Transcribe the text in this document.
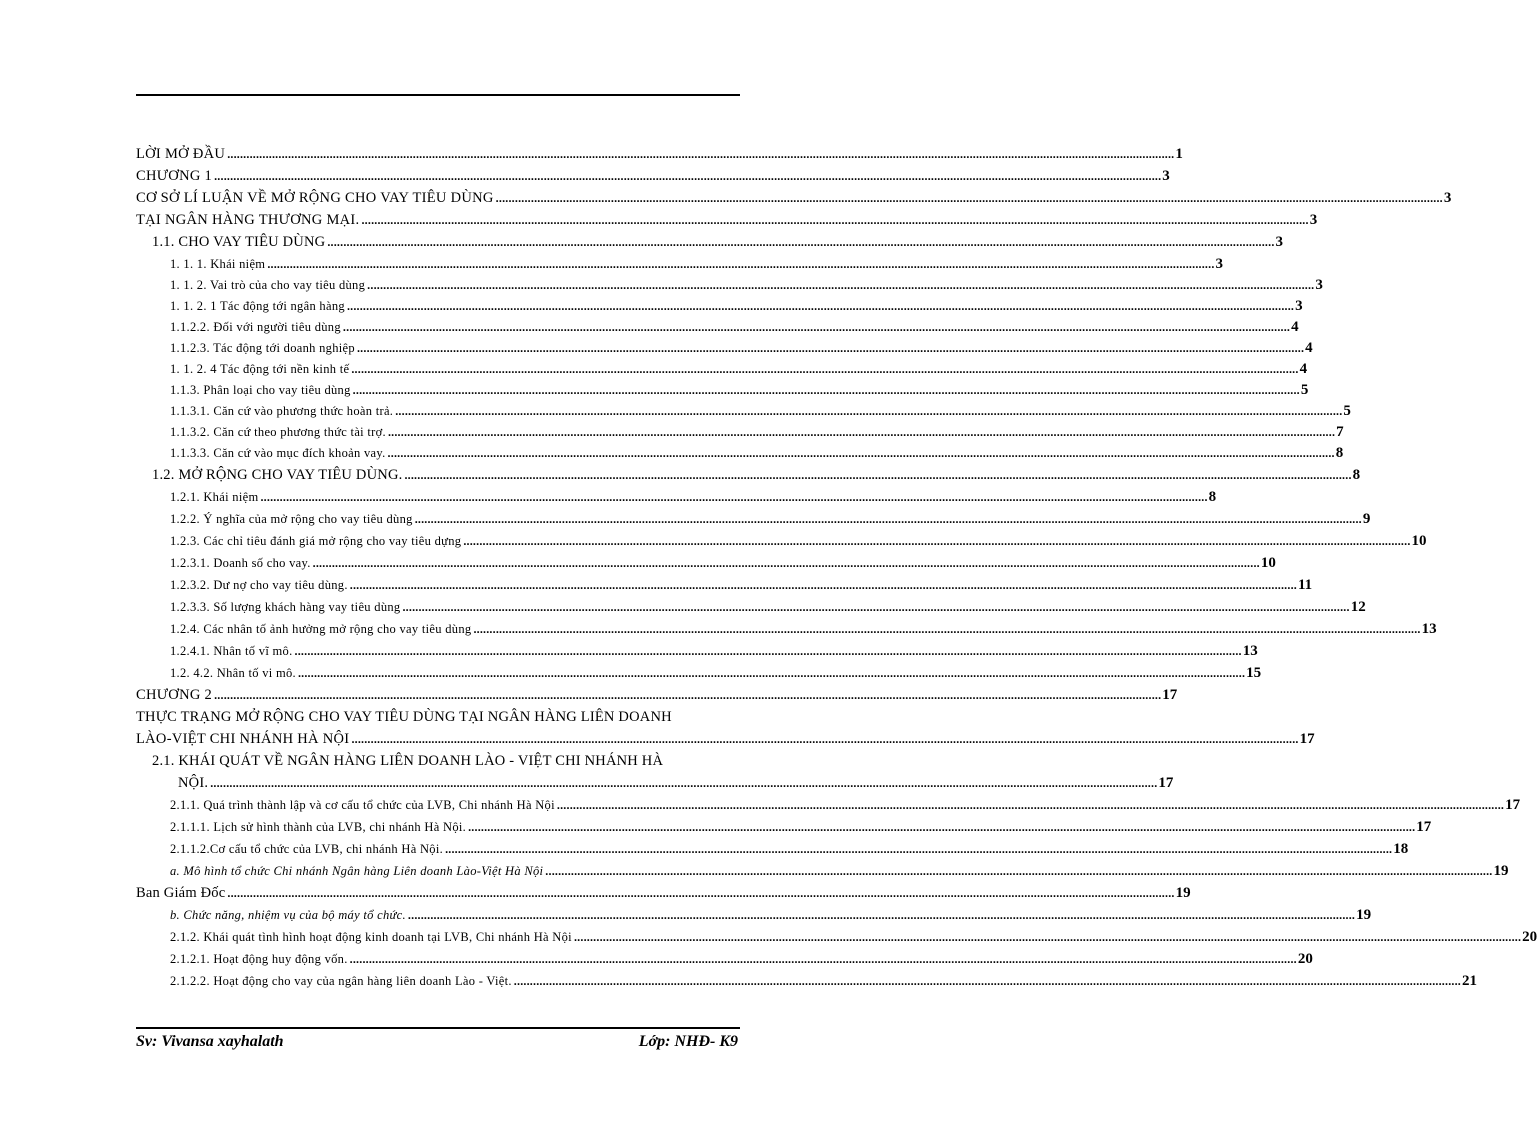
LỜI MỞ ĐẦU .....	1
CHƯƠNG 1 .....	3
CƠ SỞ LÍ LUẬN VỀ MỞ RỘNG CHO VAY TIÊU DÙNG .....	3
TẠI NGÂN HÀNG THƯƠNG MẠI. .....	3
1.1. CHO VAY TIÊU DÙNG .....	3
1. 1. 1. Khái niệm .....	3
1. 1. 2. Vai trò của cho vay tiêu dùng .....	3
1. 1. 2. 1 Tác động tới ngân hàng .....	3
1.1.2.2. Đối với người tiêu dùng .....	4
1.1.2.3. Tác động tới doanh nghiệp .....	4
1. 1. 2. 4 Tác động tới nền kinh tế .....	4
1.1.3. Phân loại cho vay tiêu dùng .....	5
1.1.3.1. Căn cứ vào phương thức hoàn trả. .....	5
1.1.3.2. Căn cứ theo phương thức tài trợ. .....	7
1.1.3.3. Căn cứ vào mục đích khoản vay. .....	8
1.2. MỞ RỘNG CHO VAY TIÊU DÙNG. .....	8
1.2.1. Khái niệm .....	8
1.2.2. Ý nghĩa của mở rộng cho vay tiêu dùng .....	9
1.2.3. Các chỉ tiêu đánh giá mở rộng cho vay tiêu dựng .....	10
1.2.3.1. Doanh số cho vay. .....	10
1.2.3.2. Dư nợ cho vay tiêu dùng. .....	11
1.2.3.3. Số lượng khách hàng vay tiêu dùng .....	12
1.2.4. Các nhân tố ảnh hưởng mở rộng cho vay tiêu dùng .....	13
1.2.4.1. Nhân tố vĩ mô. .....	13
1.2. 4.2. Nhân tố vi mô. .....	15
CHƯƠNG 2 .....	17
THỰC TRẠNG MỞ RỘNG CHO VAY TIÊU DÙNG TẠI NGÂN HÀNG LIÊN DOANH
LÀO-VIỆT CHI NHÁNH HÀ NỘI .....	17
2.1. KHÁI QUÁT VỀ NGÂN HÀNG LIÊN DOANH LÀO - VIỆT CHI NHÁNH HÀ
NỘI. .....	17
2.1.1. Quá trình thành lập và cơ cấu tổ chức của LVB, Chi nhánh Hà Nội .....	17
2.1.1.1. Lịch sử hình thành của LVB, chi nhánh Hà Nội. .....	17
2.1.1.2.Cơ cấu tổ chức của LVB, chi nhánh Hà Nội. .....	18
a. Mô hình tổ chức Chi nhánh Ngân hàng Liên doanh Lào-Việt Hà Nội .....	19
Ban Giám Đốc .....	19
b. Chức năng, nhiệm vụ của bộ máy tổ chức. .....	19
2.1.2. Khái quát tình hình hoạt động kinh doanh tại LVB, Chi nhánh Hà Nội .....	20
2.1.2.1. Hoạt động huy động vốn. .....	20
2.1.2.2. Hoạt động cho vay của ngân hàng liên doanh Lào - Việt. .....	21
Sv: Vivansa xayhalath	Lớp: NHĐ- K9
